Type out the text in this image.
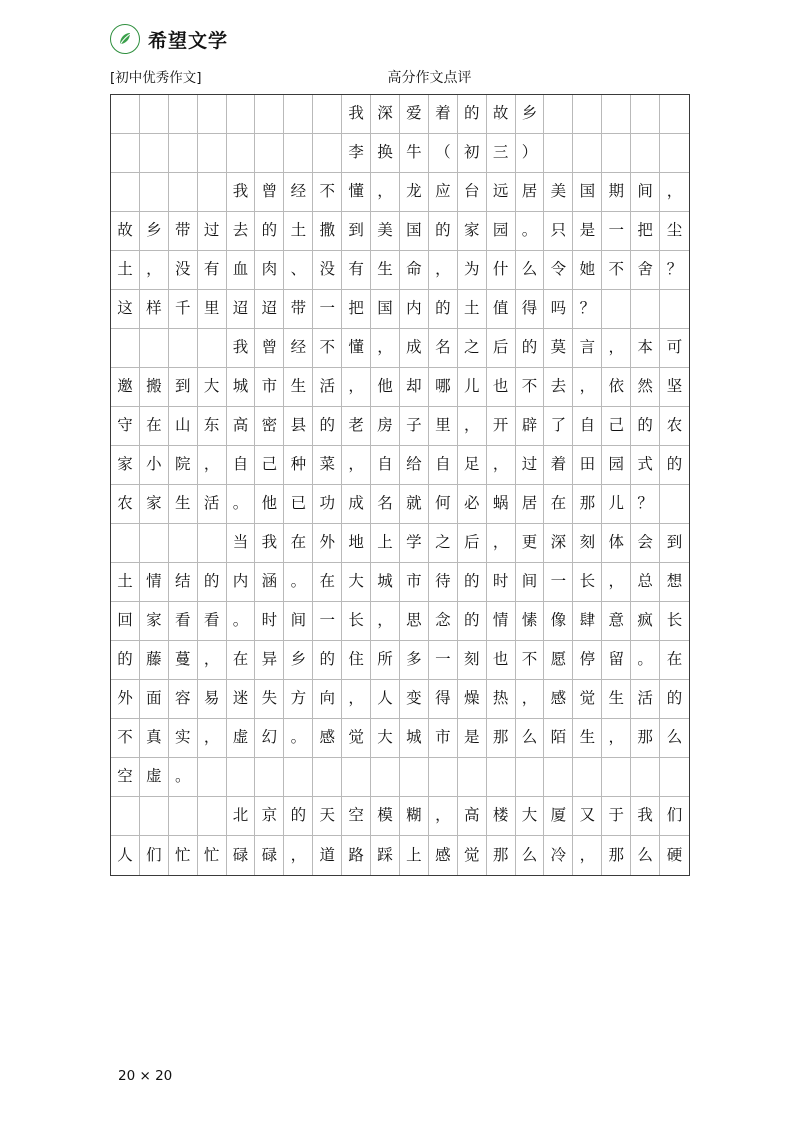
希望文学
[初中优秀作文]	高分作文点评
我 深 爱 着 的 故 乡
李 换 牛 （ 初 三 ）
我 曾 经 不 懂 ， 龙 应 台 远 居 美 国 期 间 ，
故 乡 带 过 去 的 土 撒 到 美 国 的 家 园 。 只 是 一 把 尘
土 ， 没 有 血 肉 、 没 有 生 命 ， 为 什 么 令 她 不 舍 ？
这 样 千 里 迢 迢 带 一 把 国 内 的 土 值 得 吗 ？
我 曾 经 不 懂 ， 成 名 之 后 的 莫 言 ， 本 可
邀 搬 到 大 城 市 生 活 ， 他 却 哪 儿 也 不 去 ， 依 然 坚
守 在 山 东 高 密 县 的 老 房 子 里 ， 开 辟 了 自 己 的 农
家 小 院 ， 自 己 种 菜 ， 自 给 自 足 ， 过 着 田 园 式 的
农 家 生 活 。 他 已 功 成 名 就 何 必 蜗 居 在 那 儿 ？
当 我 在 外 地 上 学 之 后 ， 更 深 刻 体 会 到
土 情 结 的 内 涵 。 在 大 城 市 待 的 时 间 一 长 ， 总 想
回 家 看 看 。 时 间 一 长 ， 思 念 的 情 愫 像 肆 意 疯 长
的 藤 蔓 ， 在 异 乡 的 住 所 多 一 刻 也 不 愿 停 留 。 在
外 面 容 易 迷 失 方 向 ， 人 变 得 燥 热 ， 感 觉 生 活 的
不 真 实 ， 虚 幻 。 感 觉 大 城 市 是 那 么 陌 生 ， 那 么
空 虚 。
北 京 的 天 空 模 糊 ， 高 楼 大 厦 又 于 我 们
人 们 忙 忙 碌 碌 ， 道 路 踩 上 感 觉 那 么 冷 ， 那 么 硬
20 × 20
